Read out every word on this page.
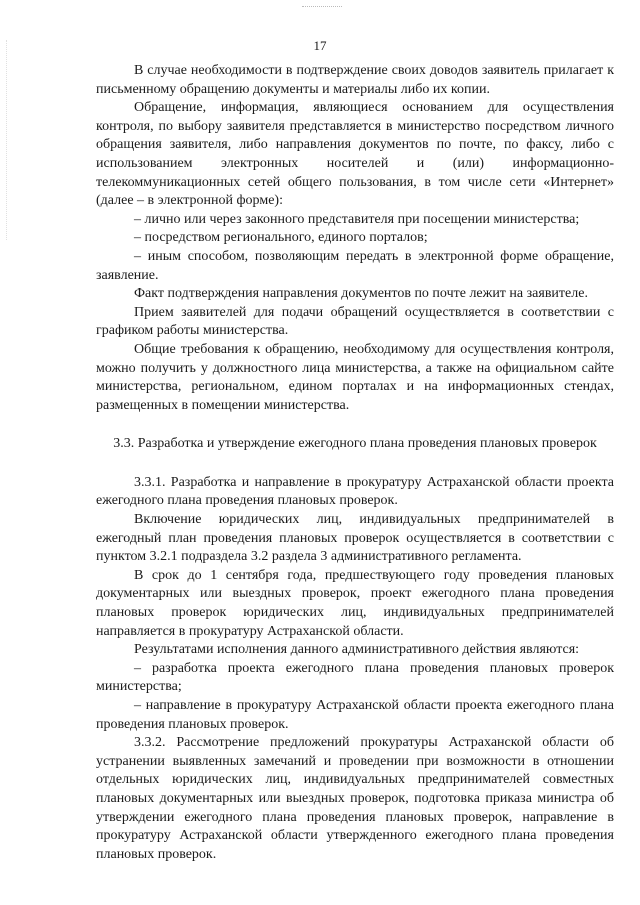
17

В случае необходимости в подтверждение своих доводов заявитель прилагает к письменному обращению документы и материалы либо их копии.

Обращение, информация, являющиеся основанием для осуществления контроля, по выбору заявителя представляется в министерство посредством личного обращения заявителя, либо направления документов по почте, по факсу, либо с использованием электронных носителей и (или) информационно-телекоммуникационных сетей общего пользования, в том числе сети «Интернет» (далее – в электронной форме):

– лично или через законного представителя при посещении министерства;

– посредством регионального, единого порталов;

– иным способом, позволяющим передать в электронной форме обращение, заявление.

Факт подтверждения направления документов по почте лежит на заявителе.

Прием заявителей для подачи обращений осуществляется в соответствии с графиком работы министерства.

Общие требования к обращению, необходимому для осуществления контроля, можно получить у должностного лица министерства, а также на официальном сайте министерства, региональном, едином порталах и на информационных стендах, размещенных в помещении министерства.

3.3. Разработка и утверждение ежегодного плана проведения плановых проверок

3.3.1. Разработка и направление в прокуратуру Астраханской области проекта ежегодного плана проведения плановых проверок.

Включение юридических лиц, индивидуальных предпринимателей в ежегодный план проведения плановых проверок осуществляется в соответствии с пунктом 3.2.1 подраздела 3.2 раздела 3 административного регламента.

В срок до 1 сентября года, предшествующего году проведения плановых документарных или выездных проверок, проект ежегодного плана проведения плановых проверок юридических лиц, индивидуальных предпринимателей направляется в прокуратуру Астраханской области.

Результатами исполнения данного административного действия являются:

– разработка проекта ежегодного плана проведения плановых проверок министерства;

– направление в прокуратуру Астраханской области проекта ежегодного плана проведения плановых проверок.

3.3.2. Рассмотрение предложений прокуратуры Астраханской области об устранении выявленных замечаний и проведении при возможности в отношении отдельных юридических лиц, индивидуальных предпринимателей совместных плановых документарных или выездных проверок, подготовка приказа министра об утверждении ежегодного плана проведения плановых проверок, направление в прокуратуру Астраханской области утвержденного ежегодного плана проведения плановых проверок.
